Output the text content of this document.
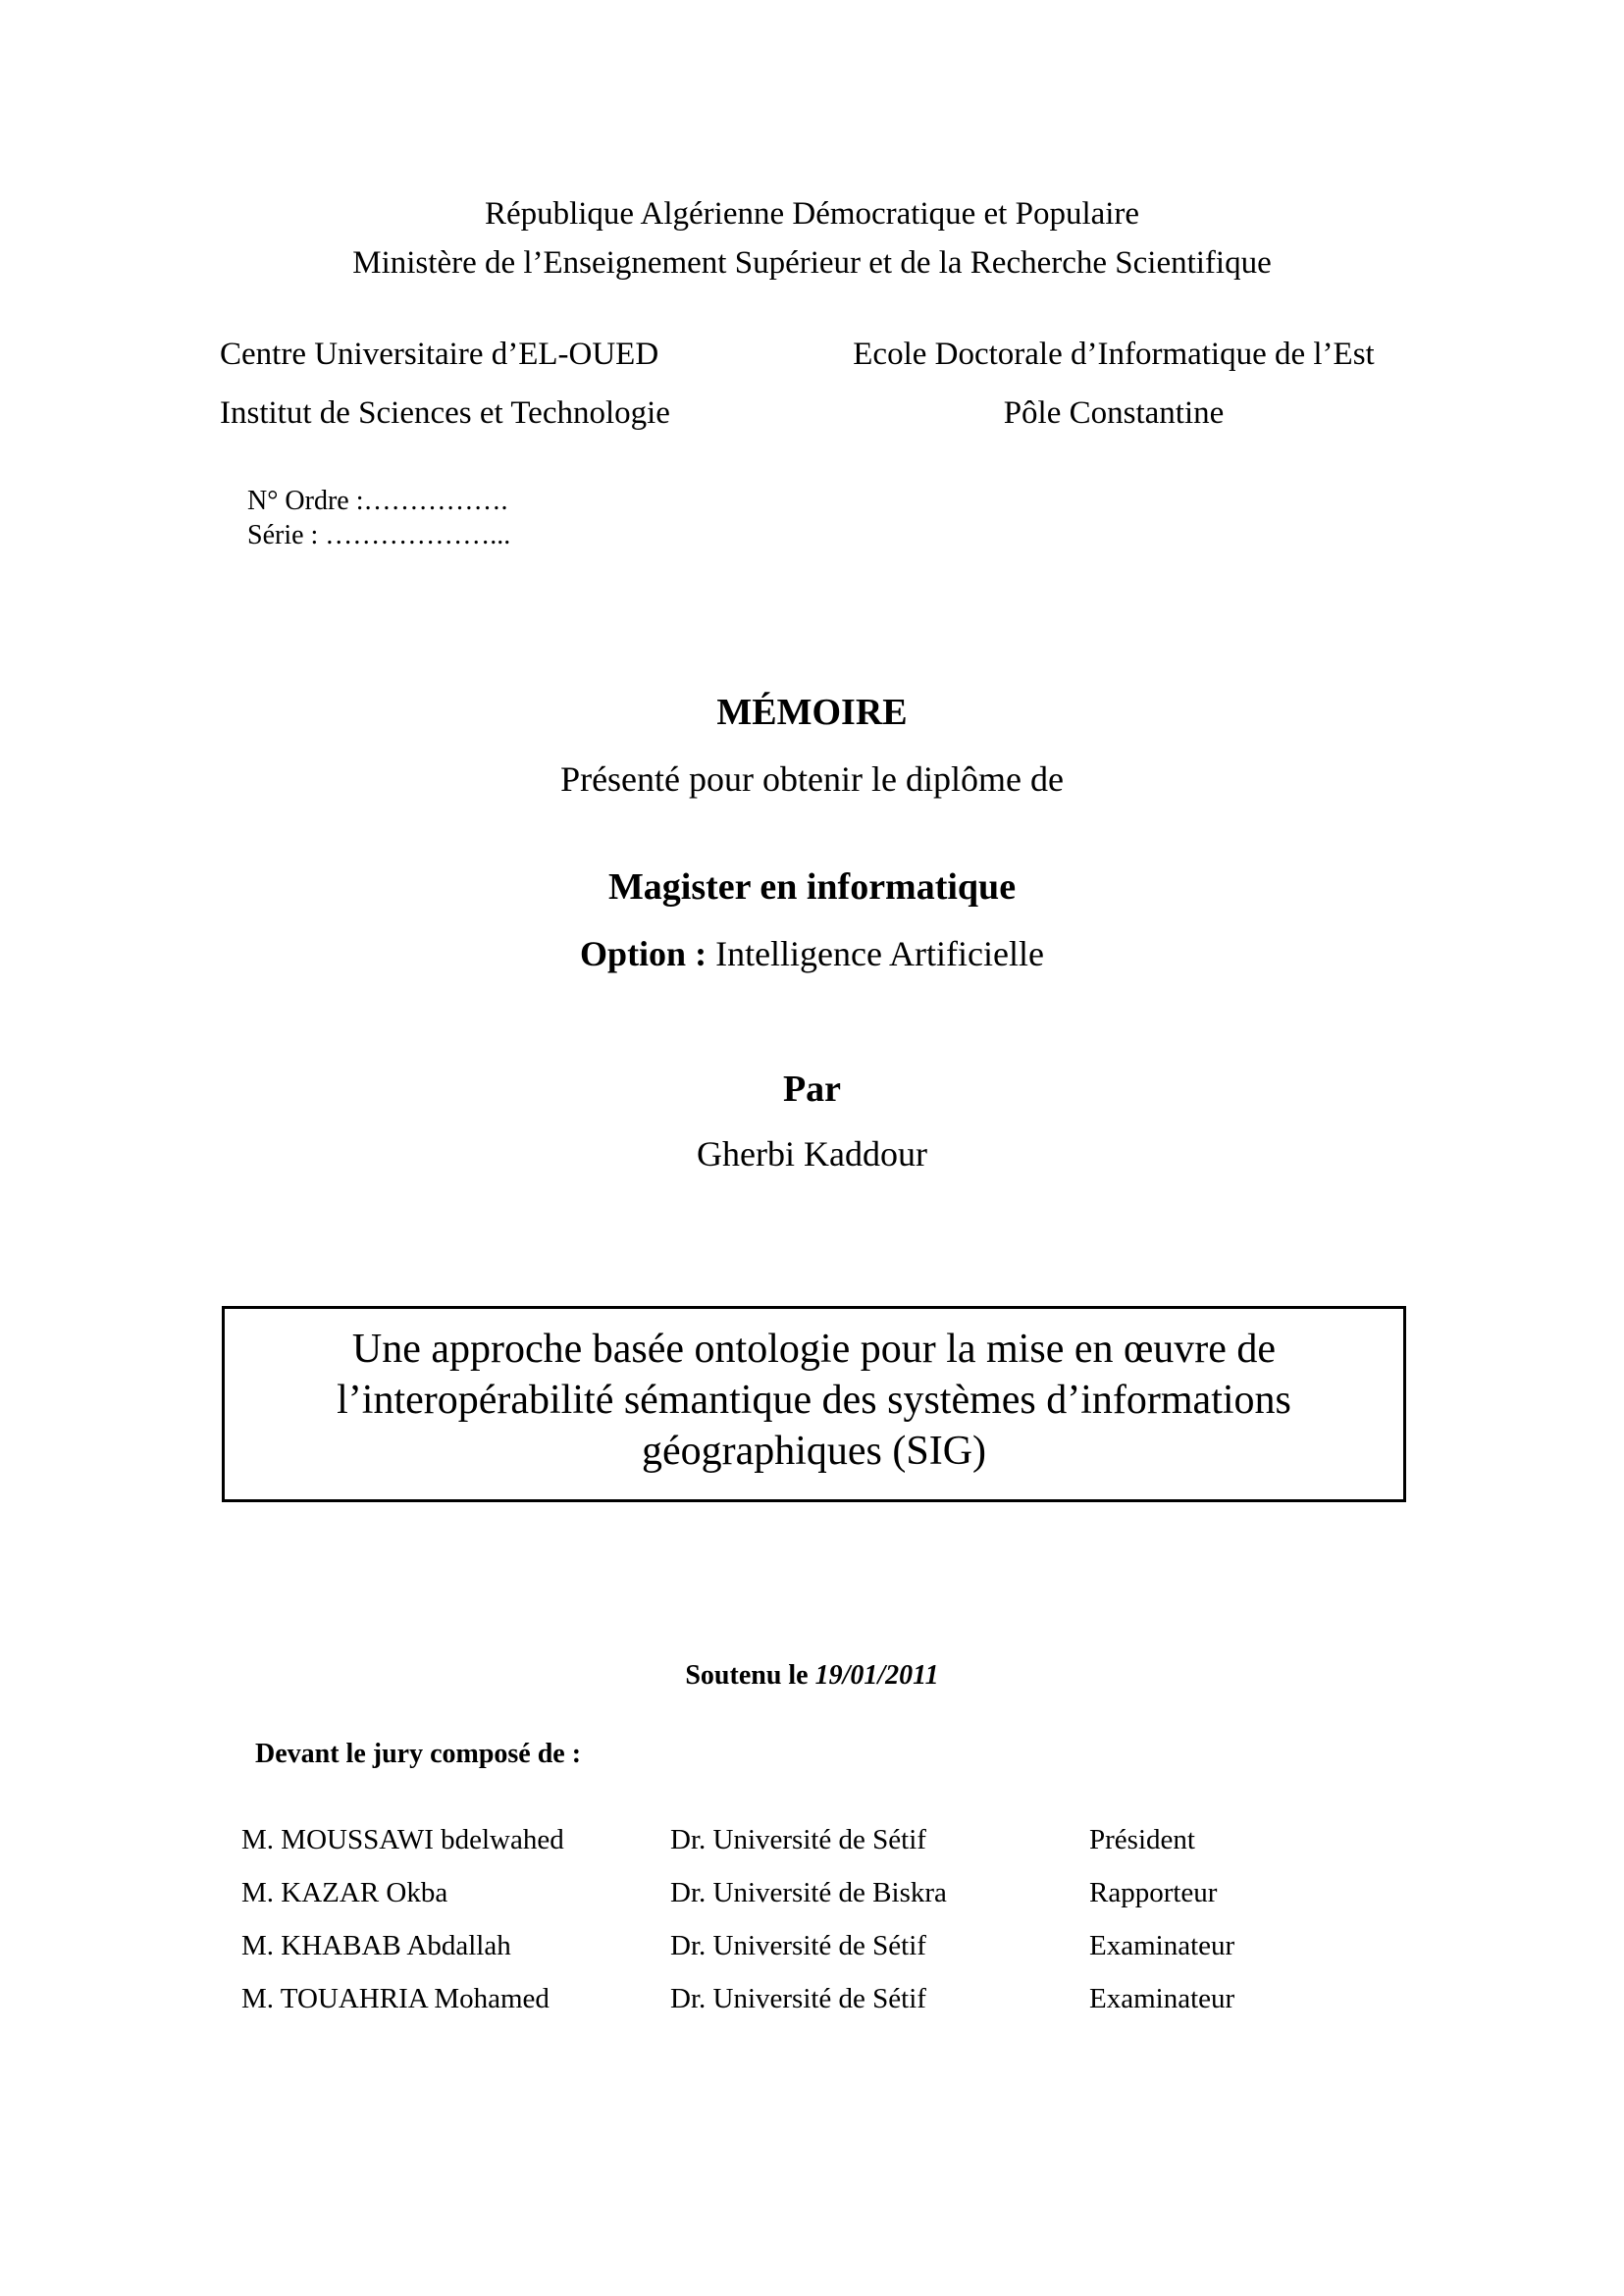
République Algérienne Démocratique et Populaire
Ministère de l’Enseignement Supérieur et de la Recherche Scientifique
Centre Universitaire d’EL-OUED
Institut de Sciences et Technologie
Ecole Doctorale d’Informatique de l’Est
Pôle Constantine
N° Ordre :…………….
Série : ………………...
MÉMOIRE
Présenté pour obtenir le diplôme de
Magister en informatique
Option : Intelligence Artificielle
Par
Gherbi Kaddour
Une approche basée ontologie pour la mise en œuvre de
l’interopérabilité sémantique des systèmes d’informations
géographiques (SIG)
Soutenu le 19/01/2011
Devant le jury composé de :
M. MOUSSAWI bdelwahed	Dr. Université de Sétif	Président
M. KAZAR Okba	Dr. Université de Biskra	Rapporteur
M. KHABAB Abdallah	Dr. Université de Sétif	Examinateur
M. TOUAHRIA Mohamed	Dr. Université de Sétif	Examinateur
